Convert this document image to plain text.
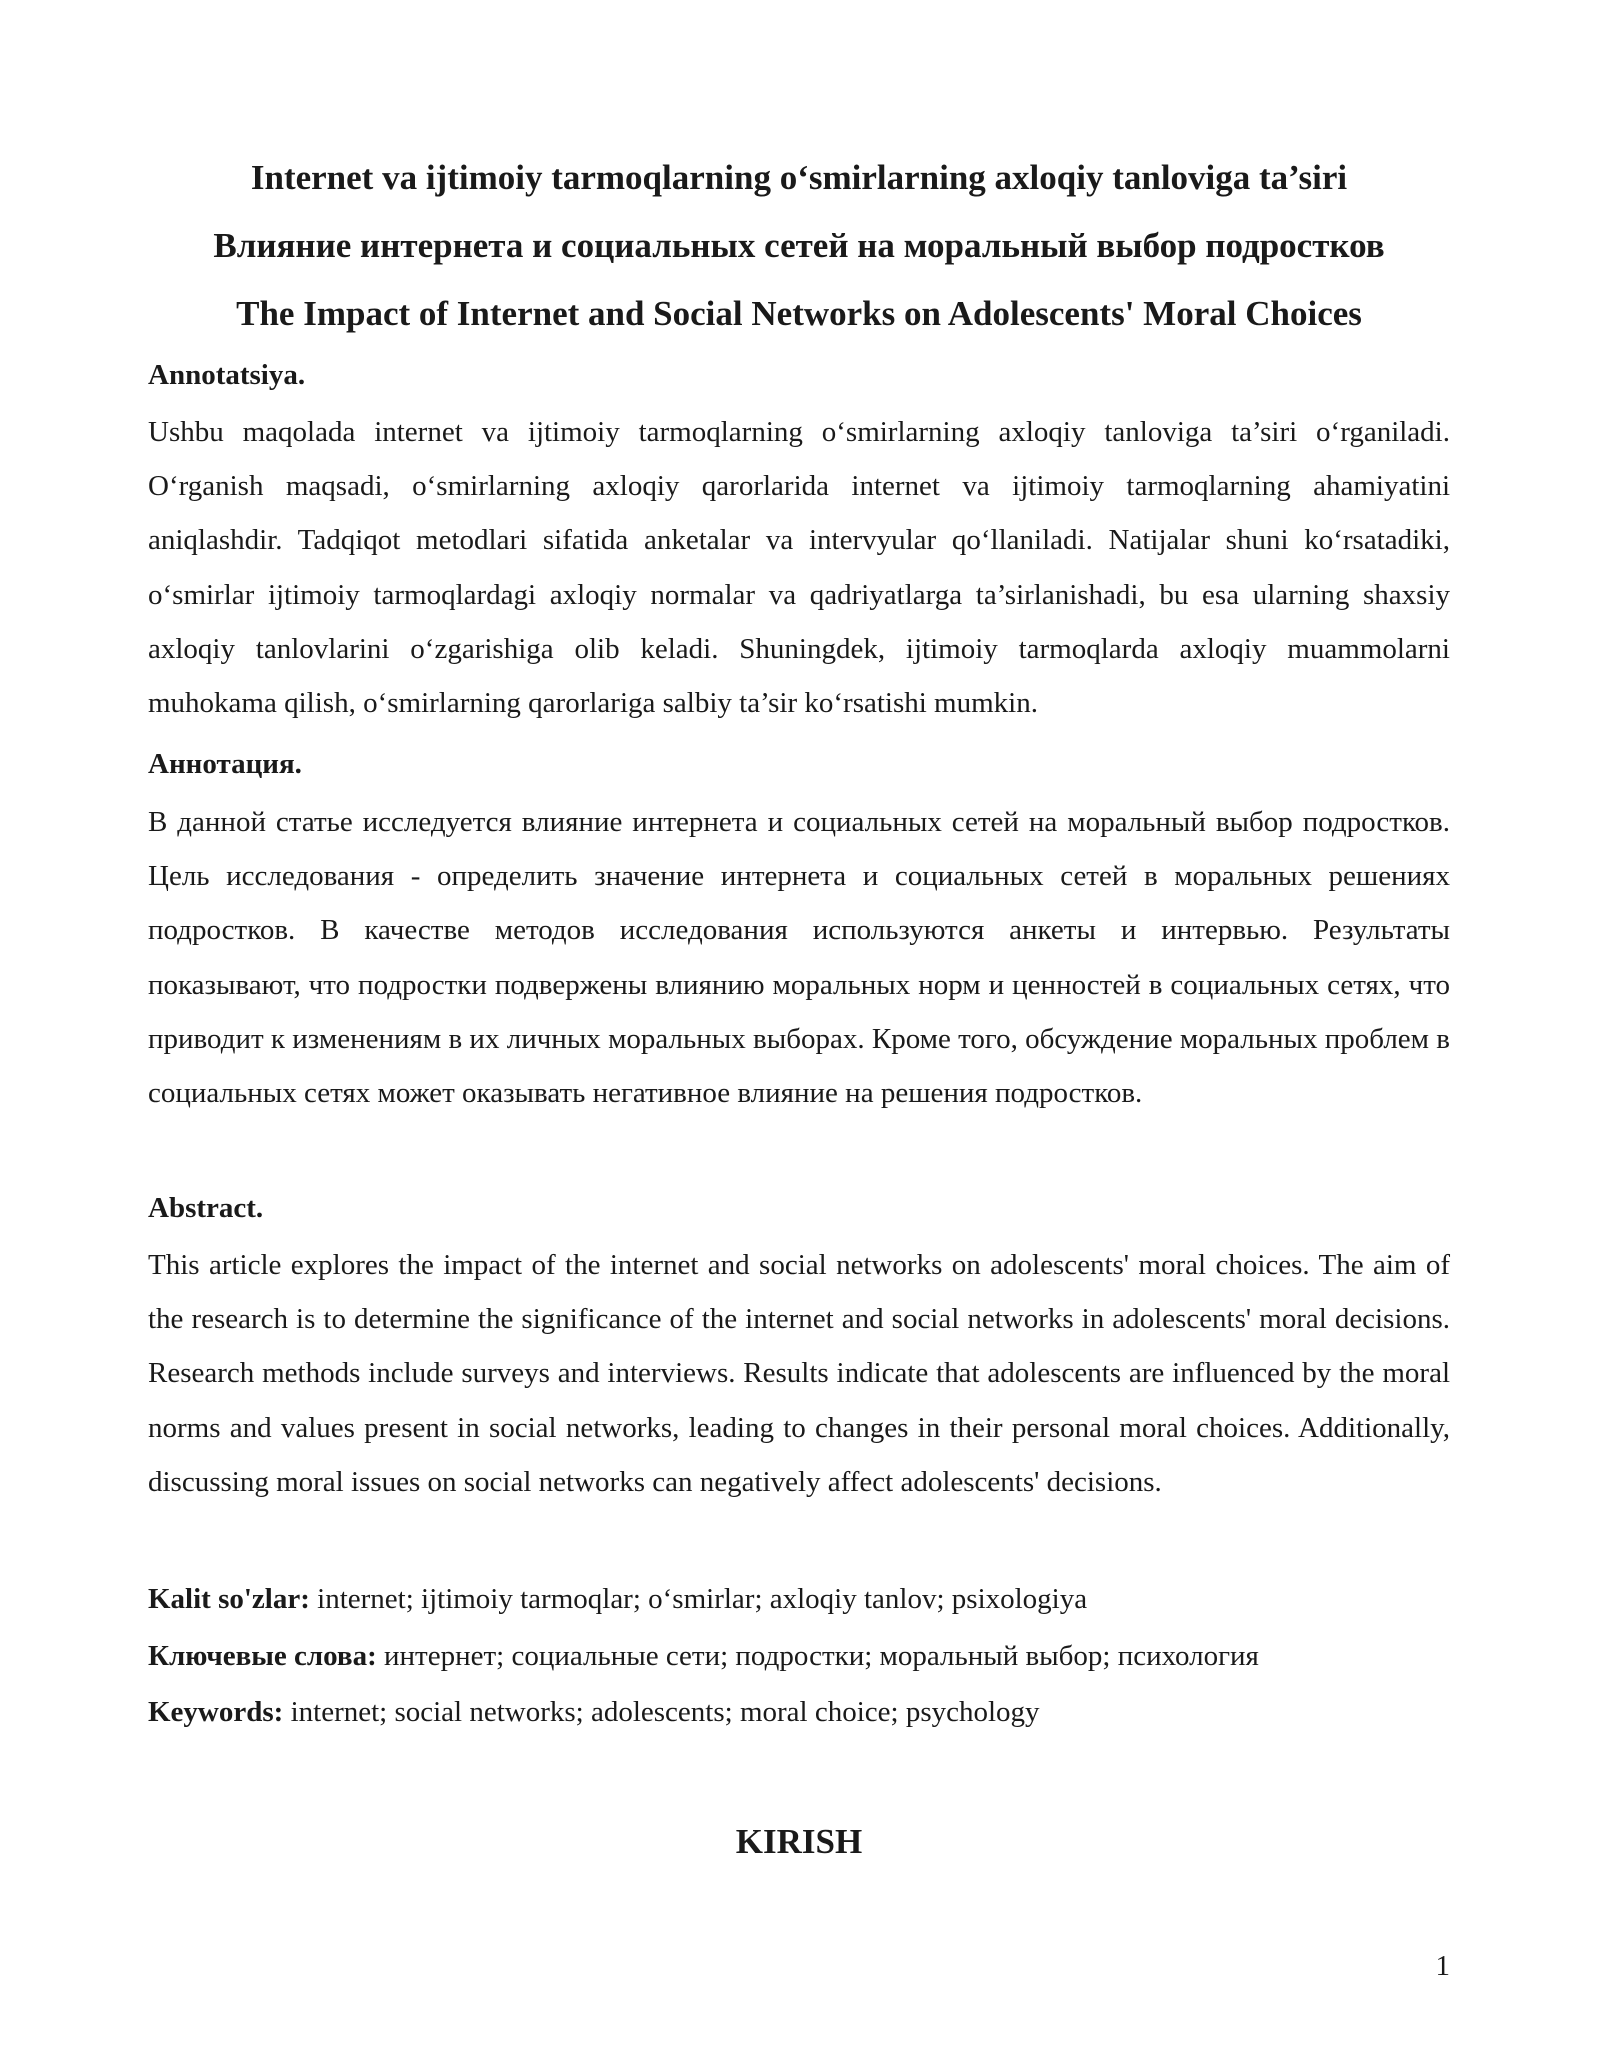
Internet va ijtimoiy tarmoqlarning o‘smirlarning axloqiy tanloviga ta’siri
Влияние интернета и социальных сетей на моральный выбор подростков
The Impact of Internet and Social Networks on Adolescents' Moral Choices
Annotatsiya.
Ushbu maqolada internet va ijtimoiy tarmoqlarning o‘smirlarning axloqiy tanloviga ta’siri o‘rganiladi. O‘rganish maqsadi, o‘smirlarning axloqiy qarorlarida internet va ijtimoiy tarmoqlarning ahamiyatini aniqlashdir. Tadqiqot metodlari sifatida anketalar va intervyular qo‘llaniladi. Natijalar shuni ko‘rsatadiki, o‘smirlar ijtimoiy tarmoqlardagi axloqiy normalar va qadriyatlarga ta’sirlanishadi, bu esa ularning shaxsiy axloqiy tanlovlarini o‘zgarishiga olib keladi. Shuningdek, ijtimoiy tarmoqlarda axloqiy muammolarni muhokama qilish, o‘smirlarning qarorlariga salbiy ta’sir ko‘rsatishi mumkin.
Аннотация.
В данной статье исследуется влияние интернета и социальных сетей на моральный выбор подростков. Цель исследования - определить значение интернета и социальных сетей в моральных решениях подростков. В качестве методов исследования используются анкеты и интервью. Результаты показывают, что подростки подвержены влиянию моральных норм и ценностей в социальных сетях, что приводит к изменениям в их личных моральных выборах. Кроме того, обсуждение моральных проблем в социальных сетях может оказывать негативное влияние на решения подростков.
Abstract.
This article explores the impact of the internet and social networks on adolescents' moral choices. The aim of the research is to determine the significance of the internet and social networks in adolescents' moral decisions. Research methods include surveys and interviews. Results indicate that adolescents are influenced by the moral norms and values present in social networks, leading to changes in their personal moral choices. Additionally, discussing moral issues on social networks can negatively affect adolescents' decisions.
Kalit so'zlar: internet; ijtimoiy tarmoqlar; o‘smirlar; axloqiy tanlov; psixologiya
Ключевые слова: интернет; социальные сети; подростки; моральный выбор; психология
Keywords: internet; social networks; adolescents; moral choice; psychology
KIRISH
1
